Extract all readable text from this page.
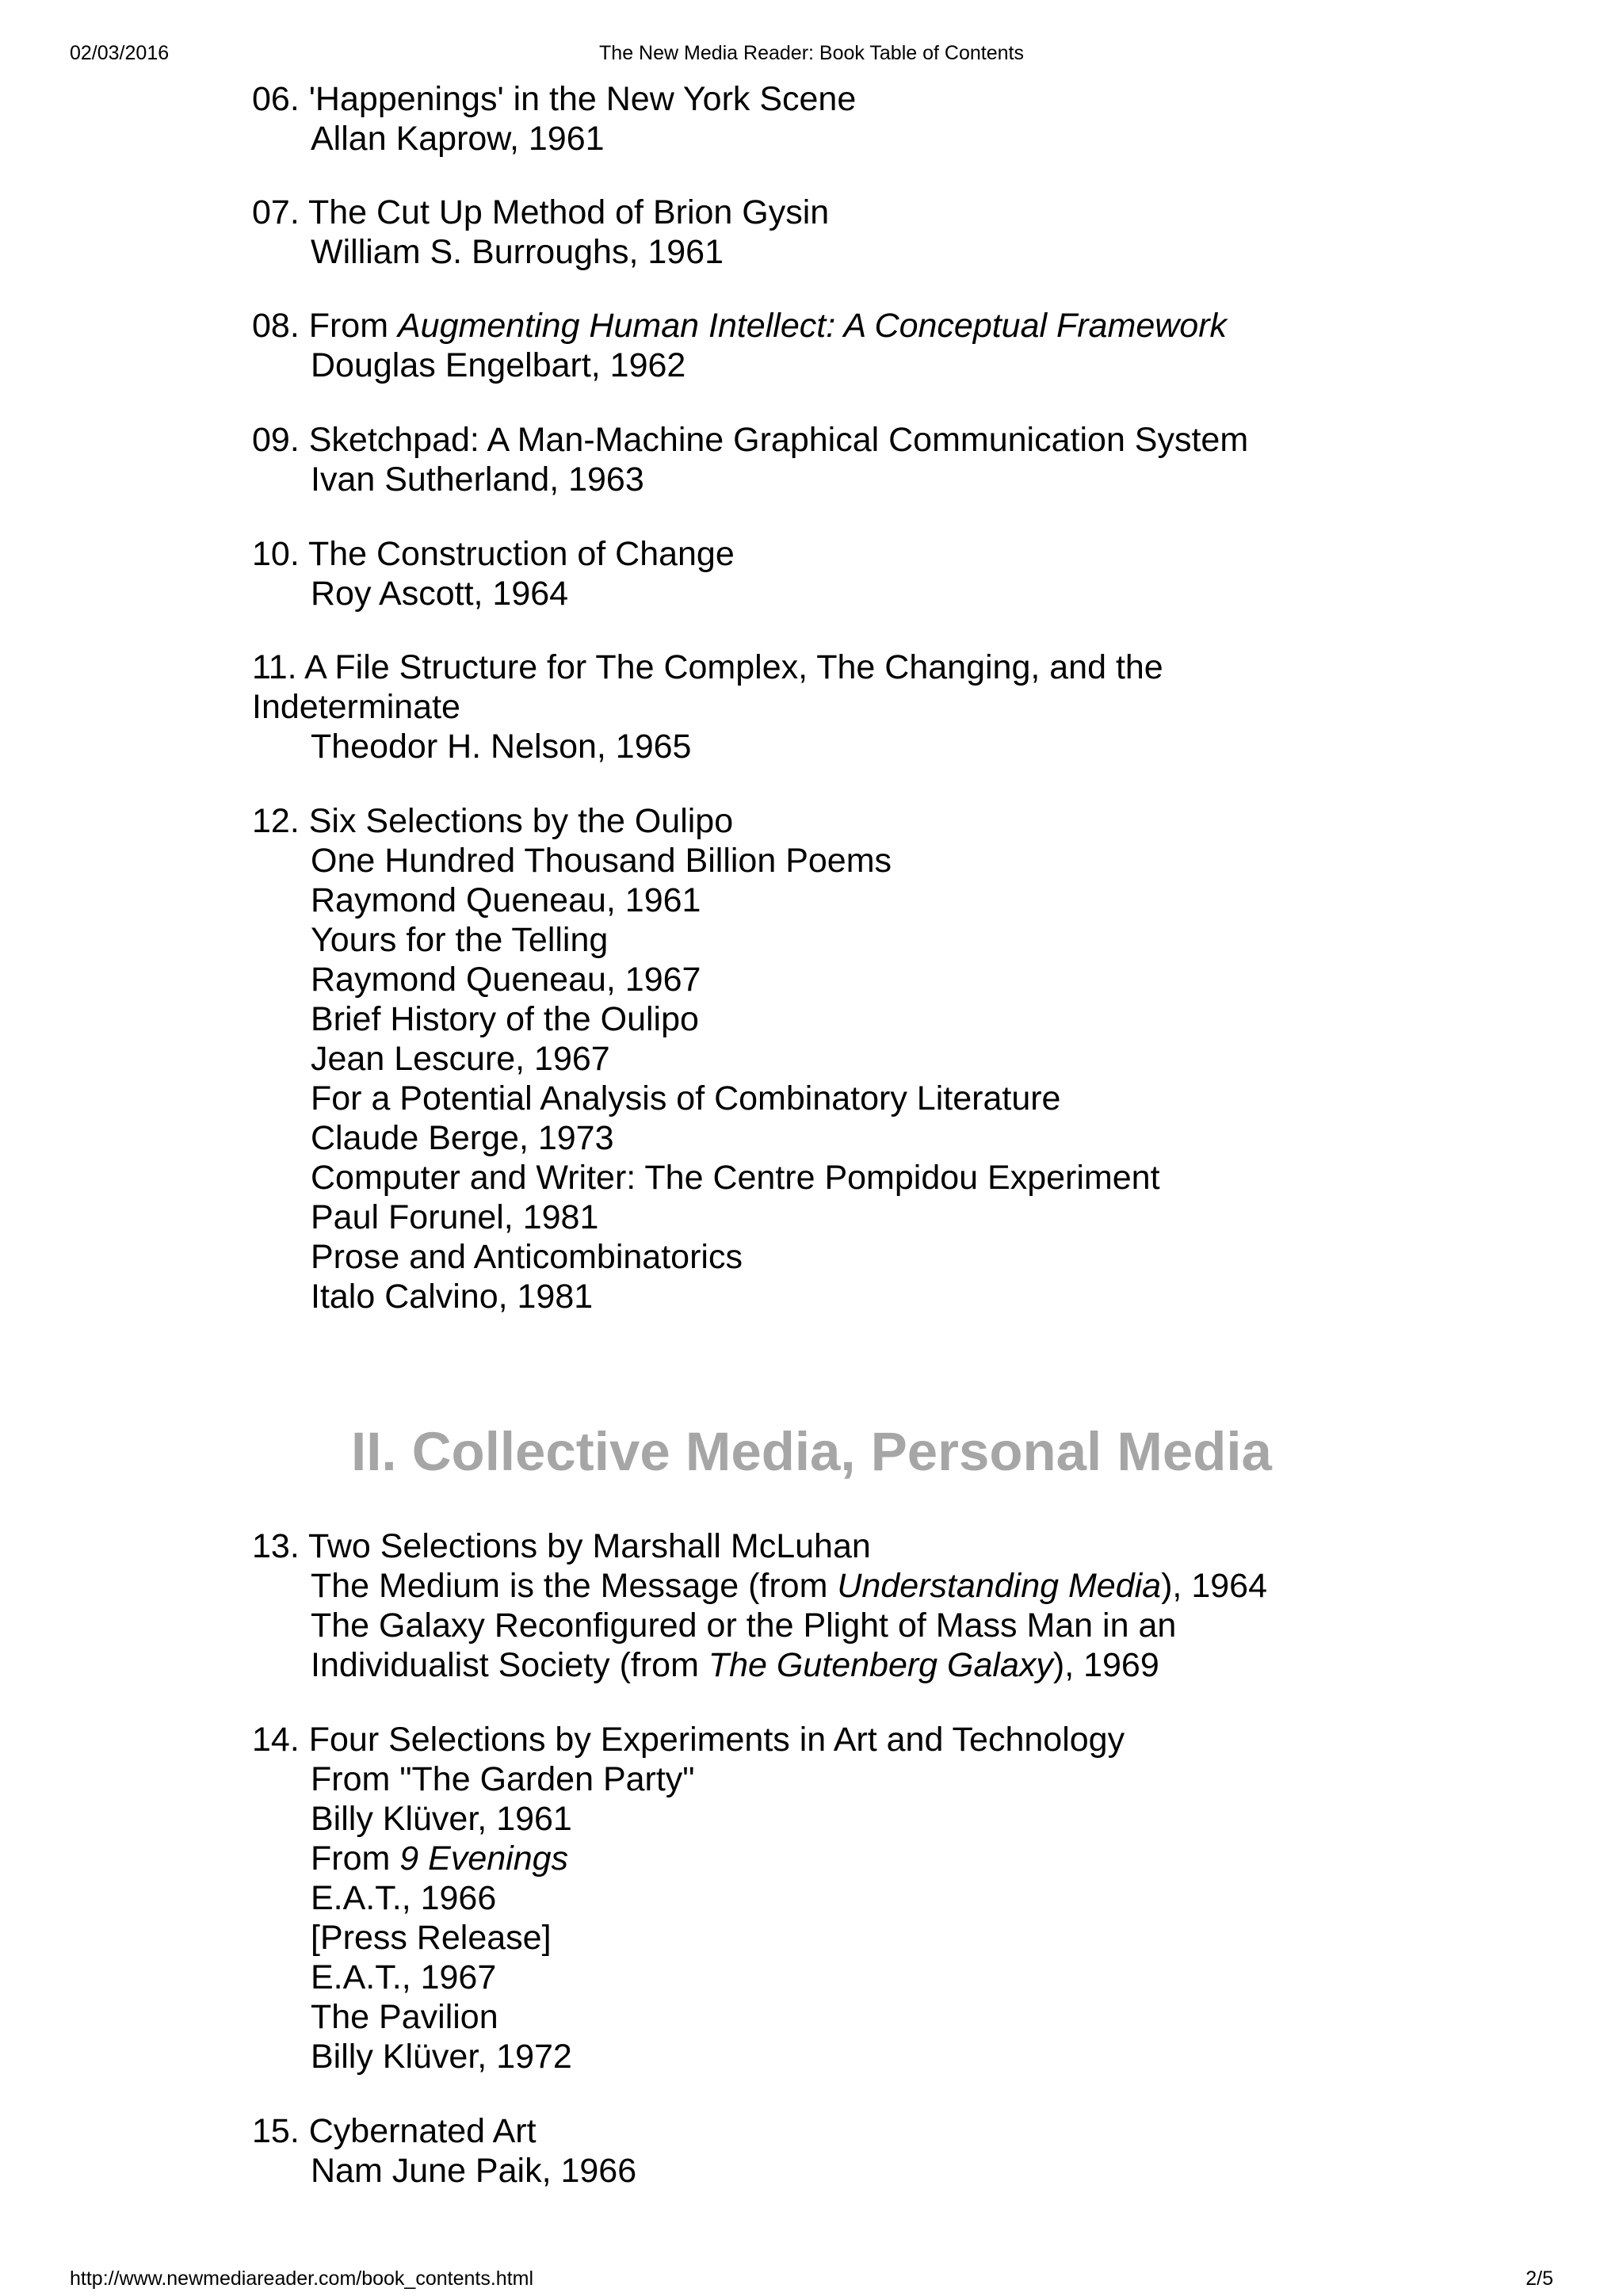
02/03/2016	The New Media Reader: Book Table of Contents
06. 'Happenings' in the New York Scene
Allan Kaprow, 1961
07. The Cut Up Method of Brion Gysin
William S. Burroughs, 1961
08. From Augmenting Human Intellect: A Conceptual Framework
Douglas Engelbart, 1962
09. Sketchpad: A Man-Machine Graphical Communication System
Ivan Sutherland, 1963
10. The Construction of Change
Roy Ascott, 1964
11. A File Structure for The Complex, The Changing, and the
Indeterminate
Theodor H. Nelson, 1965
12. Six Selections by the Oulipo
One Hundred Thousand Billion Poems
Raymond Queneau, 1961
Yours for the Telling
Raymond Queneau, 1967
Brief History of the Oulipo
Jean Lescure, 1967
For a Potential Analysis of Combinatory Literature
Claude Berge, 1973
Computer and Writer: The Centre Pompidou Experiment
Paul Forunel, 1981
Prose and Anticombinatorics
Italo Calvino, 1981
II. Collective Media, Personal Media
13. Two Selections by Marshall McLuhan
The Medium is the Message (from Understanding Media), 1964
The Galaxy Reconfigured or the Plight of Mass Man in an
Individualist Society (from The Gutenberg Galaxy), 1969
14. Four Selections by Experiments in Art and Technology
From "The Garden Party"
Billy Klüver, 1961
From 9 Evenings
E.A.T., 1966
[Press Release]
E.A.T., 1967
The Pavilion
Billy Klüver, 1972
15. Cybernated Art
Nam June Paik, 1966
http://www.newmediareader.com/book_contents.html	2/5
